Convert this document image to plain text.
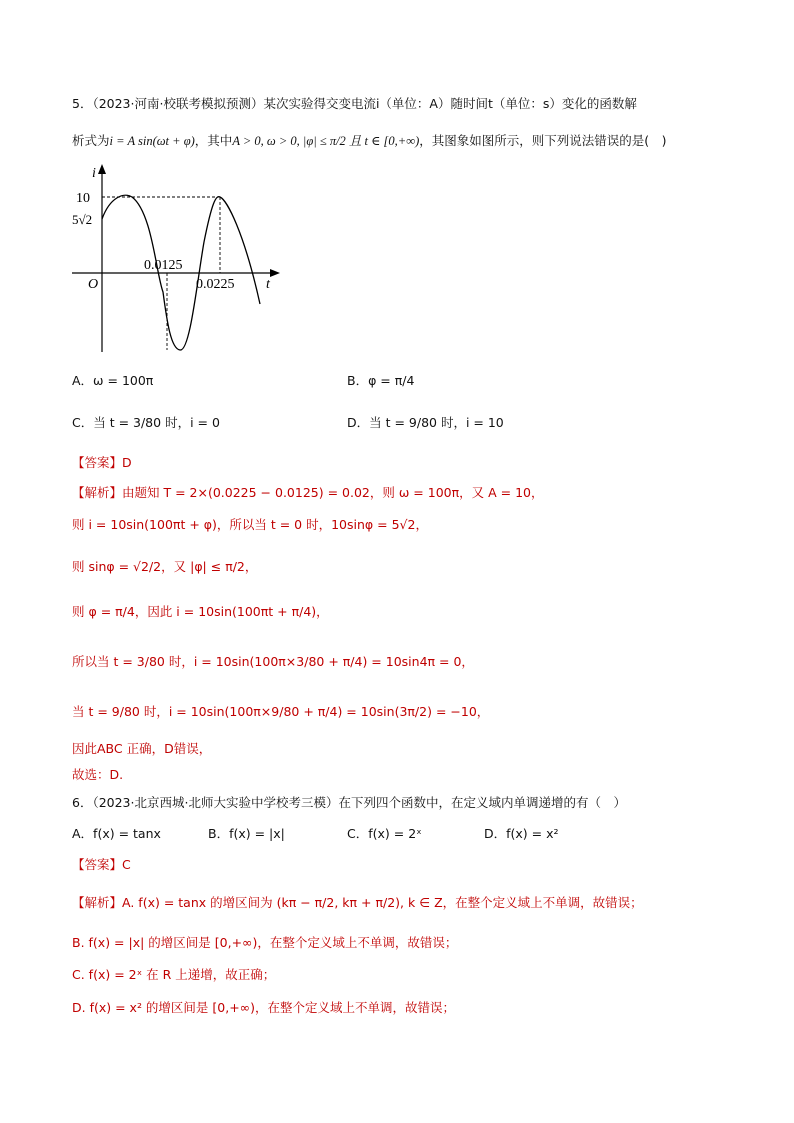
5．（2023·河南·校联考模拟预测）某次实验得交变电流i（单位：A）随时间t（单位：s）变化的函数解
析式为i = A sin(ωt + φ)，其中A > 0, ω > 0, |φ| ≤ π/2 且 t ∈ [0,+∞)，其图象如图所示，则下列说法错误的是(　)
i
t
O
10
5√2
0.0125
0.0225
A．ω = 100π	B．φ = π/4
C．当 t = 3/80 时，i = 0	D．当 t = 9/80 时，i = 10
【答案】D
【解析】由题知 T = 2×(0.0225 − 0.0125) = 0.02，则 ω = 100π，又 A = 10，
则 i = 10sin(100πt + φ)，所以当 t = 0 时，10sinφ = 5√2，
则 sinφ = √2/2，又 |φ| ≤ π/2，
则 φ = π/4，因此 i = 10sin(100πt + π/4)，
所以当 t = 3/80 时，i = 10sin(100π×3/80 + π/4) = 10sin4π = 0，
当 t = 9/80 时，i = 10sin(100π×9/80 + π/4) = 10sin(3π/2) = −10，
因此ABC 正确，D错误，
故选：D.
6．（2023·北京西城·北师大实验中学校考三模）在下列四个函数中，在定义域内单调递增的有（　）
A．f(x) = tanx	B．f(x) = |x|	C．f(x) = 2ˣ	D．f(x) = x²
【答案】C
【解析】A. f(x) = tanx 的增区间为 (kπ − π/2, kπ + π/2), k ∈ Z，在整个定义域上不单调，故错误；
B. f(x) = |x| 的增区间是 [0,+∞)，在整个定义域上不单调，故错误；
C. f(x) = 2ˣ 在 R 上递增，故正确；
D. f(x) = x² 的增区间是 [0,+∞)，在整个定义域上不单调，故错误；
